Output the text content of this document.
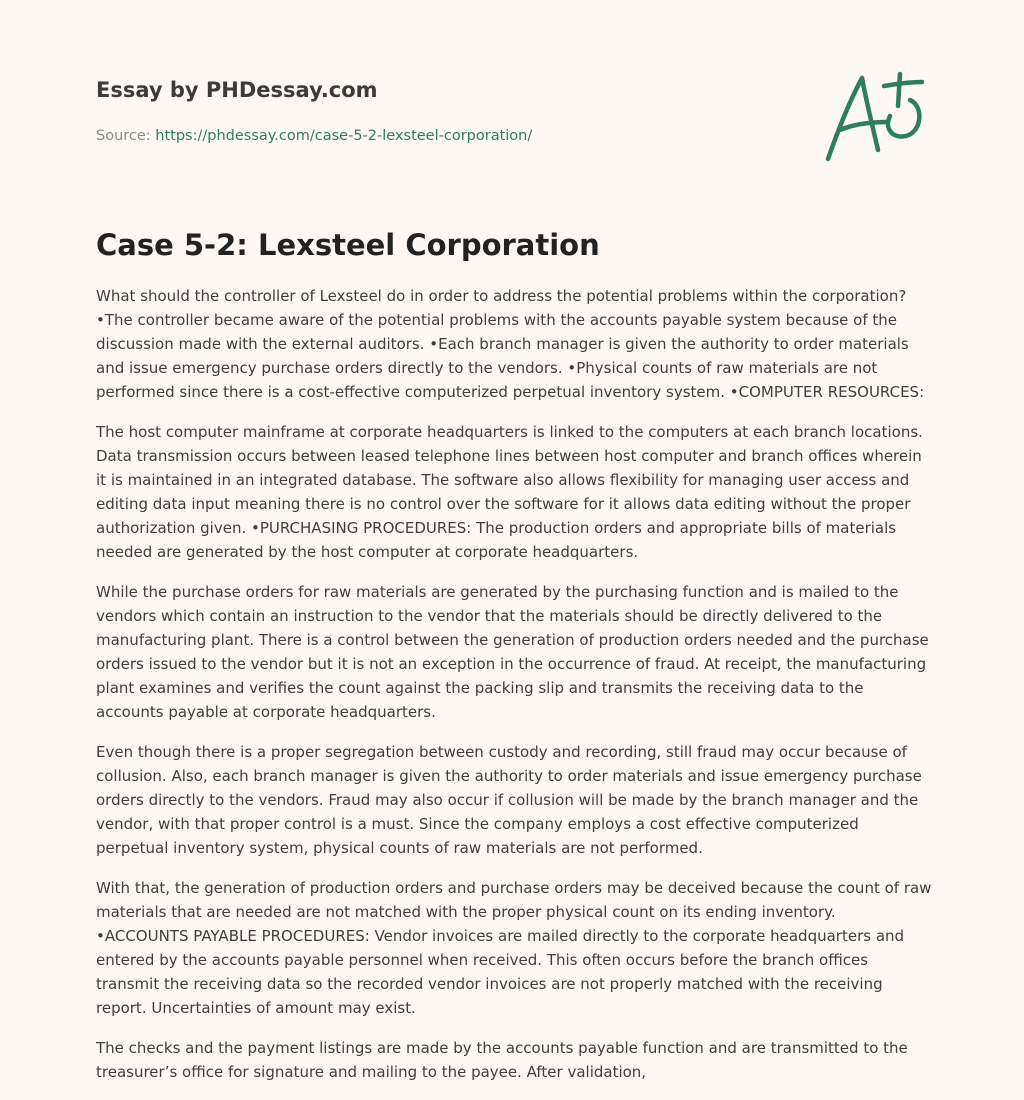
Essay by PHDessay.com
Source: https://phdessay.com/case-5-2-lexsteel-corporation/
Case 5-2: Lexsteel Corporation

What should the controller of Lexsteel do in order to address the potential problems within the corporation? •The controller became aware of the potential problems with the accounts payable system because of the discussion made with the external auditors. •Each branch manager is given the authority to order materials and issue emergency purchase orders directly to the vendors. •Physical counts of raw materials are not performed since there is a cost-effective computerized perpetual inventory system. •COMPUTER RESOURCES:

The host computer mainframe at corporate headquarters is linked to the computers at each branch locations. Data transmission occurs between leased telephone lines between host computer and branch offices wherein it is maintained in an integrated database. The software also allows flexibility for managing user access and editing data input meaning there is no control over the software for it allows data editing without the proper authorization given. •PURCHASING PROCEDURES: The production orders and appropriate bills of materials needed are generated by the host computer at corporate headquarters.

While the purchase orders for raw materials are generated by the purchasing function and is mailed to the vendors which contain an instruction to the vendor that the materials should be directly delivered to the manufacturing plant. There is a control between the generation of production orders needed and the purchase orders issued to the vendor but it is not an exception in the occurrence of fraud. At receipt, the manufacturing plant examines and verifies the count against the packing slip and transmits the receiving data to the accounts payable at corporate headquarters.

Even though there is a proper segregation between custody and recording, still fraud may occur because of collusion. Also, each branch manager is given the authority to order materials and issue emergency purchase orders directly to the vendors. Fraud may also occur if collusion will be made by the branch manager and the vendor, with that proper control is a must. Since the company employs a cost effective computerized perpetual inventory system, physical counts of raw materials are not performed.

With that, the generation of production orders and purchase orders may be deceived because the count of raw materials that are needed are not matched with the proper physical count on its ending inventory. •ACCOUNTS PAYABLE PROCEDURES: Vendor invoices are mailed directly to the corporate headquarters and entered by the accounts payable personnel when received. This often occurs before the branch offices transmit the receiving data so the recorded vendor invoices are not properly matched with the receiving report. Uncertainties of amount may exist.

The checks and the payment listings are made by the accounts payable function and are transmitted to the treasurer’s office for signature and mailing to the payee. After validation,
